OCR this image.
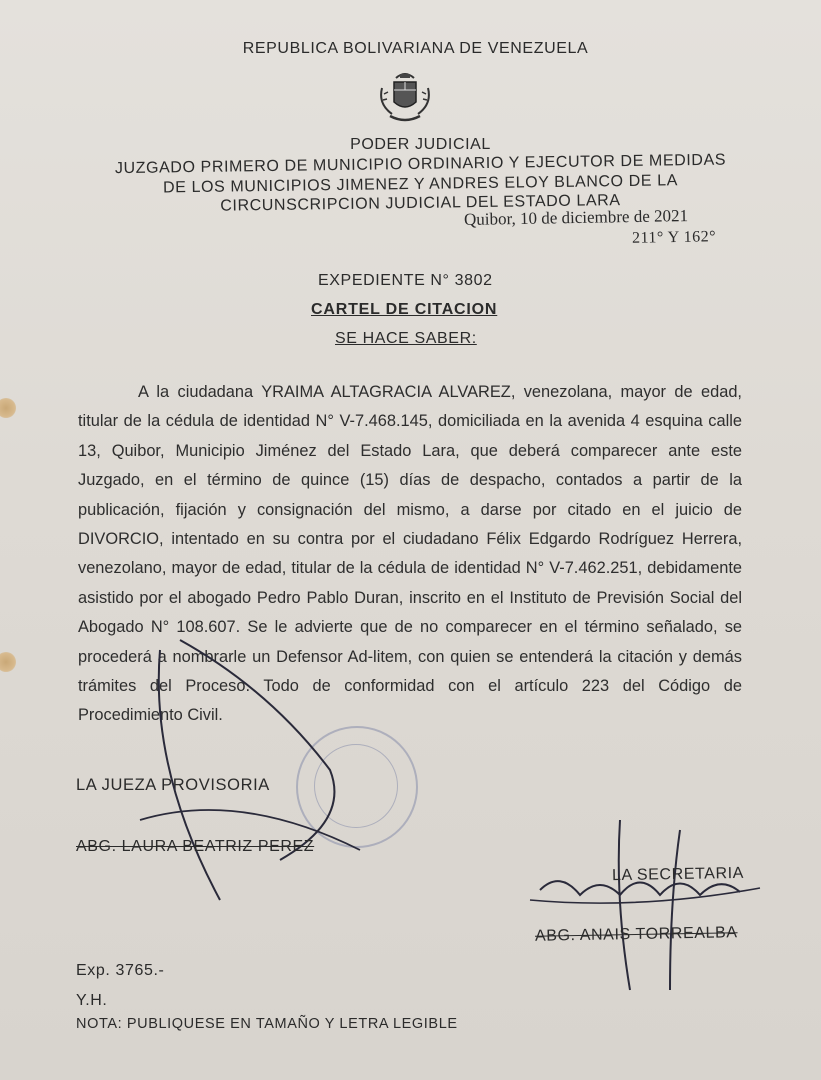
REPUBLICA BOLIVARIANA DE VENEZUELA
PODER JUDICIAL
JUZGADO PRIMERO DE MUNICIPIO ORDINARIO Y EJECUTOR DE MEDIDAS
DE LOS MUNICIPIOS JIMENEZ Y ANDRES ELOY BLANCO DE LA
CIRCUNSCRIPCION JUDICIAL DEL ESTADO LARA
Quibor, 10 de diciembre de 2021
211° Y 162°
EXPEDIENTE N° 3802
CARTEL DE CITACION
SE HACE SABER:
A la ciudadana YRAIMA ALTAGRACIA ALVAREZ, venezolana, mayor de edad, titular de la cédula de identidad N° V-7.468.145, domiciliada en la avenida 4 esquina calle 13, Quibor, Municipio Jiménez del Estado Lara, que deberá comparecer ante este Juzgado, en el término de quince (15) días de despacho, contados a partir de la publicación, fijación y consignación del mismo, a darse por citado en el juicio de DIVORCIO, intentado en su contra por el ciudadano Félix Edgardo Rodríguez Herrera, venezolano, mayor de edad, titular de la cédula de identidad N° V-7.462.251, debidamente asistido por el abogado Pedro Pablo Duran, inscrito en el Instituto de Previsión Social del Abogado N° 108.607. Se le advierte que de no comparecer en el término señalado, se procederá a nombrarle un Defensor Ad-litem, con quien se entenderá la citación y demás trámites del Proceso. Todo de conformidad con el artículo 223 del Código de Procedimiento Civil.
LA JUEZA PROVISORIA
ABG. LAURA BEATRIZ PEREZ
LA SECRETARIA
ABG. ANAIS TORREALBA
Exp. 3765.-
Y.H.
NOTA: PUBLIQUESE EN TAMAÑO Y LETRA LEGIBLE
